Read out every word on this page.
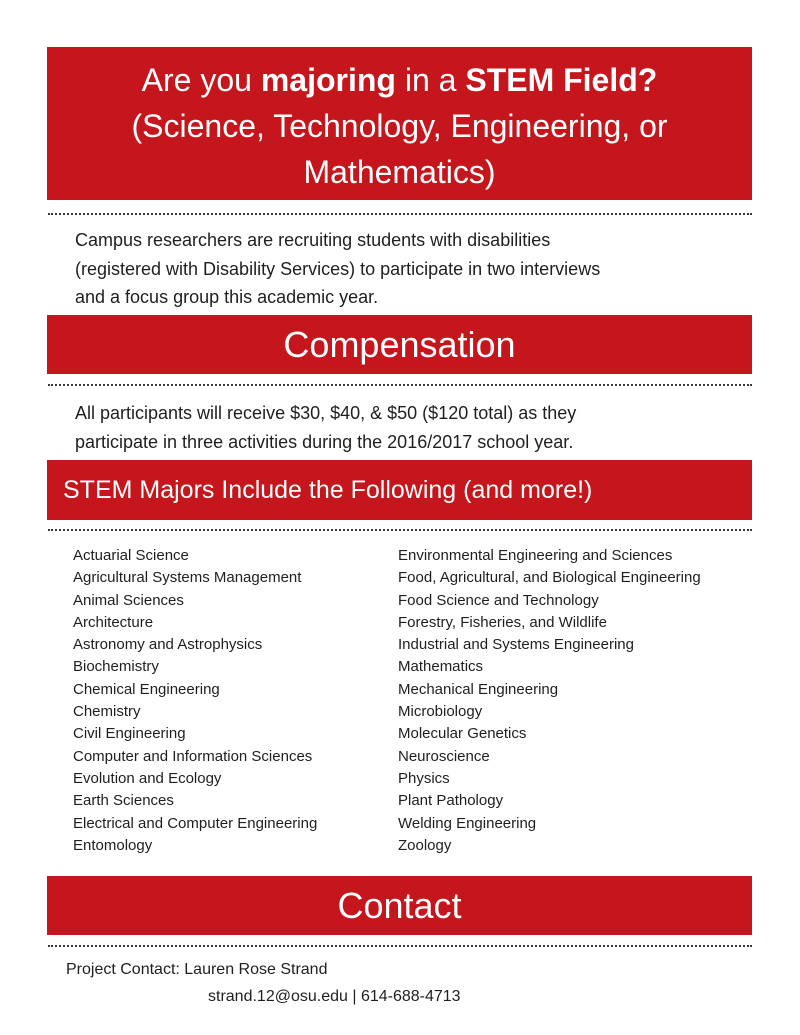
Are you majoring in a STEM Field?
(Science, Technology, Engineering, or
Mathematics)
Campus researchers are recruiting students with disabilities
(registered with Disability Services) to participate in two interviews
and a focus group this academic year.
Compensation
All participants will receive $30, $40, & $50 ($120 total) as they
participate in three activities during the 2016/2017 school year.
STEM Majors Include the Following (and more!)
Actuarial Science
Agricultural Systems Management
Animal Sciences
Architecture
Astronomy and Astrophysics
Biochemistry
Chemical Engineering
Chemistry
Civil Engineering
Computer and Information Sciences
Evolution and Ecology
Earth Sciences
Electrical and Computer Engineering
Entomology
Environmental Engineering and Sciences
Food, Agricultural, and Biological Engineering
Food Science and Technology
Forestry, Fisheries, and Wildlife
Industrial and Systems Engineering
Mathematics
Mechanical Engineering
Microbiology
Molecular Genetics
Neuroscience
Physics
Plant Pathology
Welding Engineering
Zoology
Contact
Project Contact: Lauren Rose Strand
strand.12@osu.edu | 614-688-4713
